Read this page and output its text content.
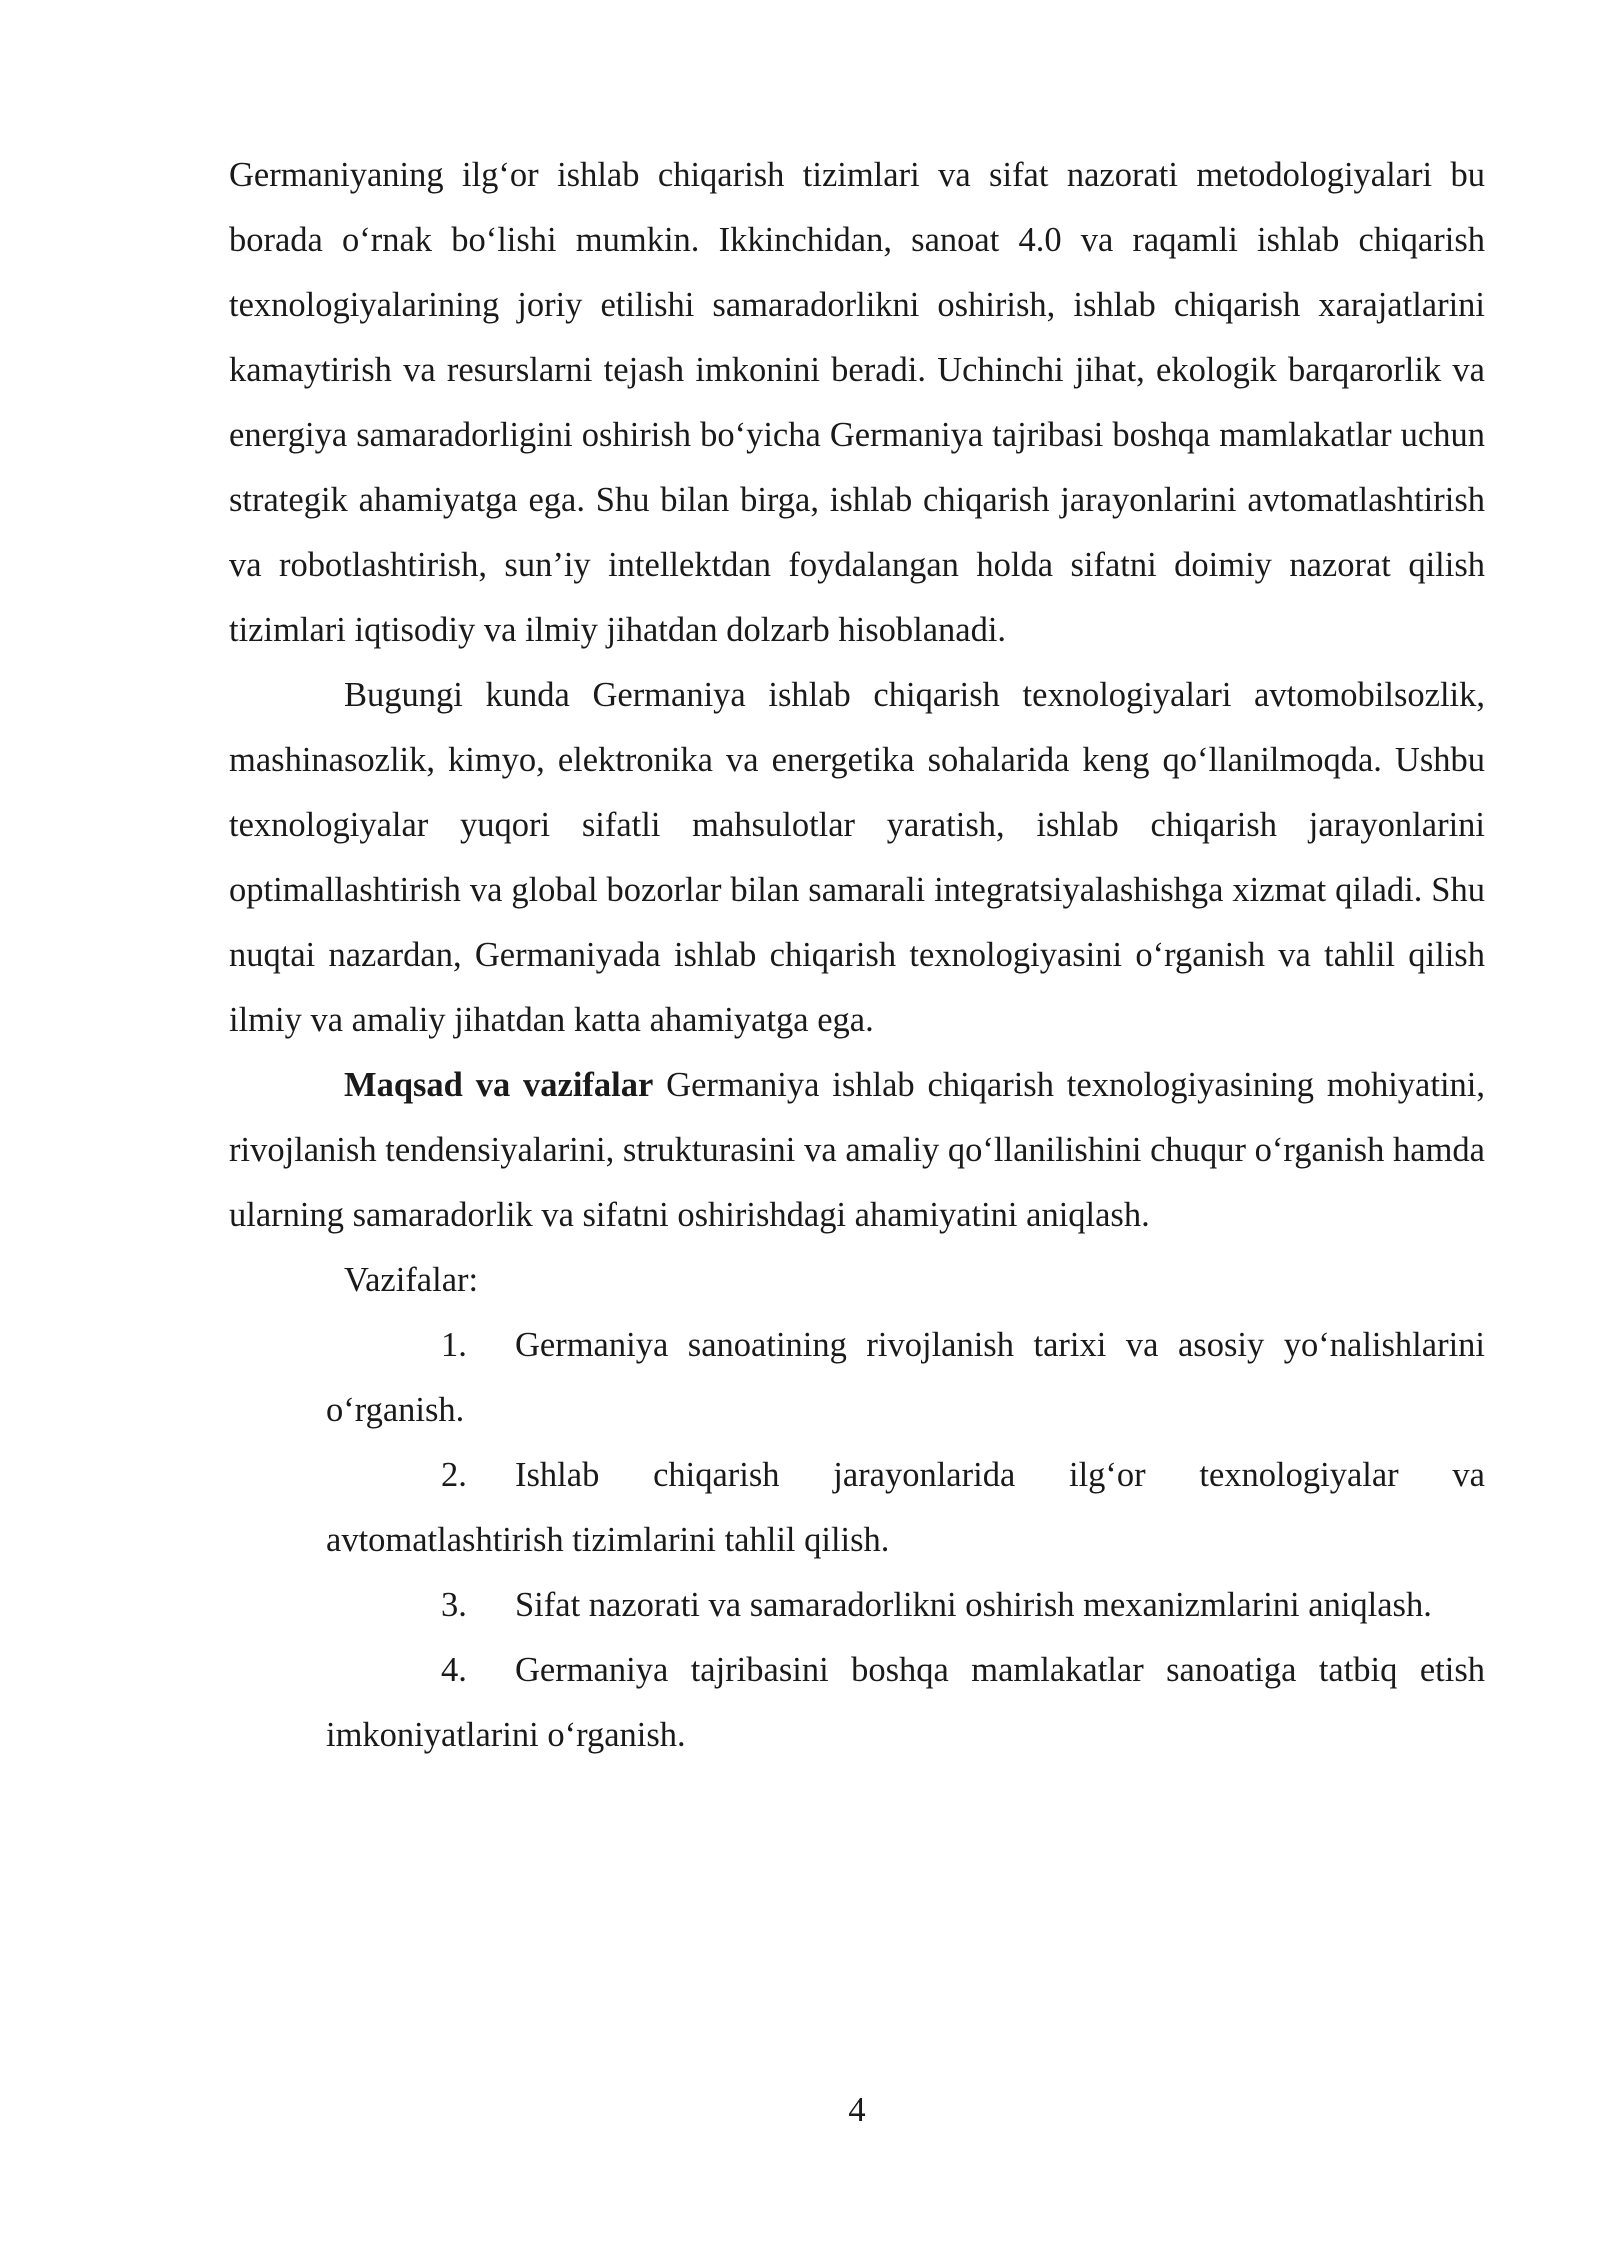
Germaniyaning ilg‘or ishlab chiqarish tizimlari va sifat nazorati metodologiyalari bu borada o‘rnak bo‘lishi mumkin. Ikkinchidan, sanoat 4.0 va raqamli ishlab chiqarish texnologiyalarining joriy etilishi samaradorlikni oshirish, ishlab chiqarish xarajatlarini kamaytirish va resurslarni tejash imkonini beradi. Uchinchi jihat, ekologik barqarorlik va energiya samaradorligini oshirish bo‘yicha Germaniya tajribasi boshqa mamlakatlar uchun strategik ahamiyatga ega. Shu bilan birga, ishlab chiqarish jarayonlarini avtomatlashtirish va robotlashtirish, sun’iy intellektdan foydalangan holda sifatni doimiy nazorat qilish tizimlari iqtisodiy va ilmiy jihatdan dolzarb hisoblanadi.

Bugungi kunda Germaniya ishlab chiqarish texnologiyalari avtomobilsozlik, mashinasozlik, kimyo, elektronika va energetika sohalarida keng qo‘llanilmoqda. Ushbu texnologiyalar yuqori sifatli mahsulotlar yaratish, ishlab chiqarish jarayonlarini optimallashtirish va global bozorlar bilan samarali integratsiyalashishga xizmat qiladi. Shu nuqtai nazardan, Germaniyada ishlab chiqarish texnologiyasini o‘rganish va tahlil qilish ilmiy va amaliy jihatdan katta ahamiyatga ega.

Maqsad va vazifalar Germaniya ishlab chiqarish texnologiyasining mohiyatini, rivojlanish tendensiyalarini, strukturasini va amaliy qo‘llanilishini chuqur o‘rganish hamda ularning samaradorlik va sifatni oshirishdagi ahamiyatini aniqlash.

Vazifalar:

1. Germaniya sanoatining rivojlanish tarixi va asosiy yo‘nalishlarini o‘rganish.

2. Ishlab chiqarish jarayonlarida ilg‘or texnologiyalar va avtomatlashtirish tizimlarini tahlil qilish.

3. Sifat nazorati va samaradorlikni oshirish mexanizmlarini aniqlash.

4. Germaniya tajribasini boshqa mamlakatlar sanoatiga tatbiq etish imkoniyatlarini o‘rganish.

4
